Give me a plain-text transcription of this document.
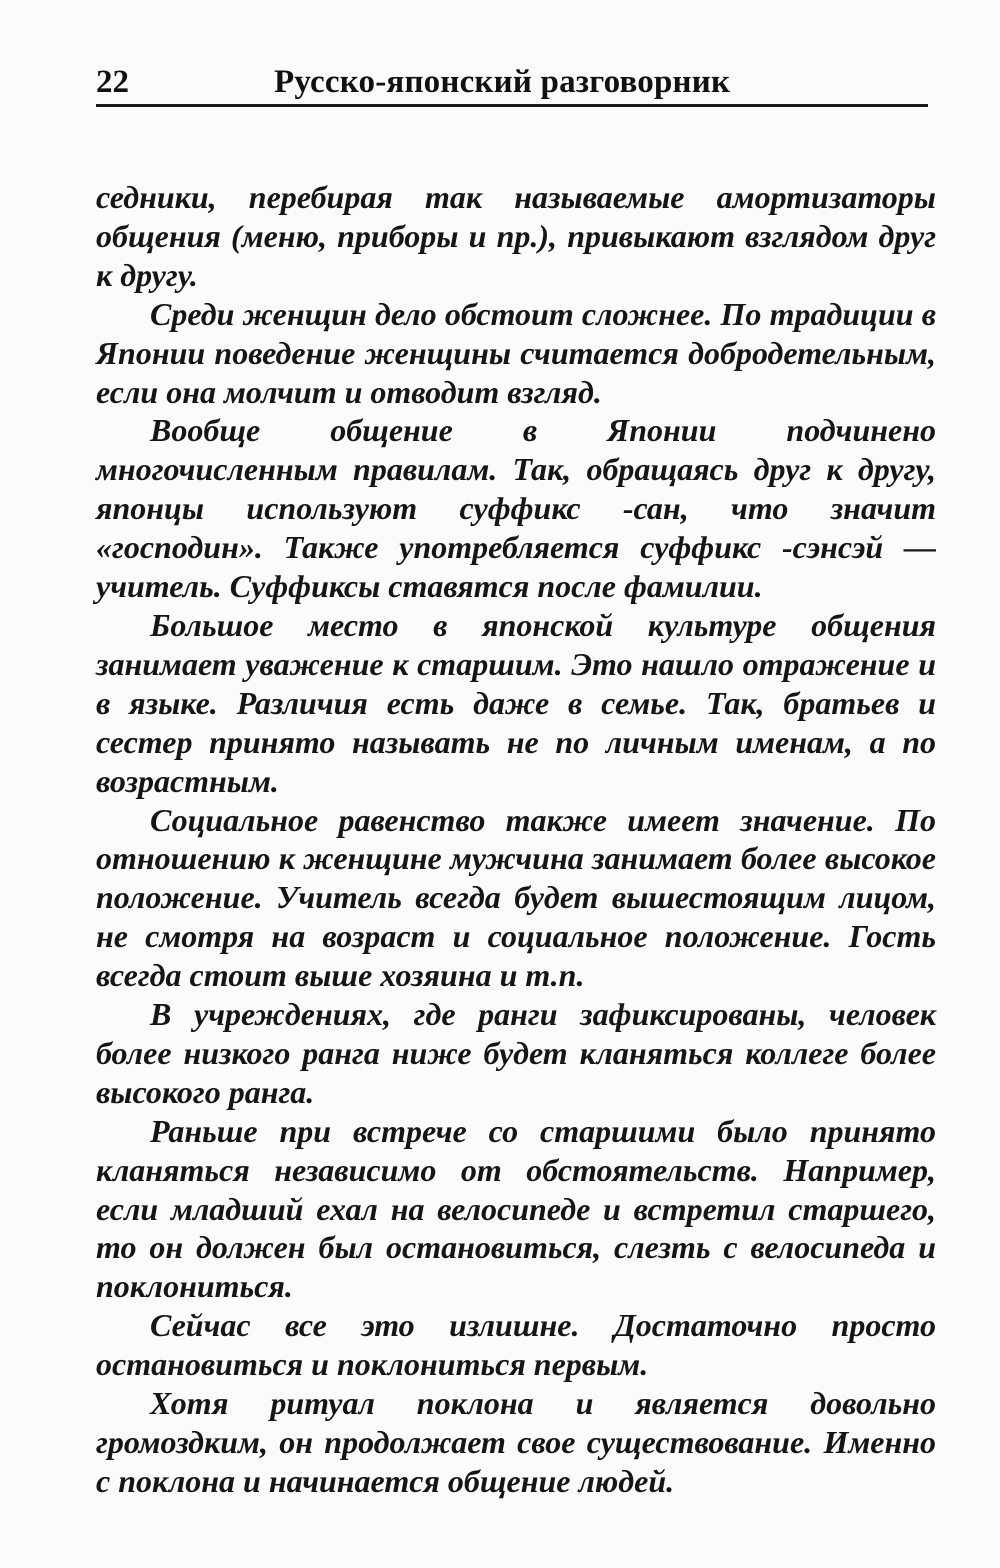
22	Русско-японский разговорник

седники, перебирая так называемые амортизаторы общения (меню, приборы и пр.), привыкают взглядом друг к другу.

Среди женщин дело обстоит сложнее. По традиции в Японии поведение женщины считается добродетельным, если она молчит и отводит взгляд.

Вообще общение в Японии подчинено многочисленным правилам. Так, обращаясь друг к другу, японцы используют суффикс -сан, что значит «господин». Также употребляется суффикс -сэнсэй — учитель. Суффиксы ставятся после фамилии.

Большое место в японской культуре общения занимает уважение к старшим. Это нашло отражение и в языке. Различия есть даже в семье. Так, братьев и сестер принято называть не по личным именам, а по возрастным.

Социальное равенство также имеет значение. По отношению к женщине мужчина занимает более высокое положение. Учитель всегда будет вышестоящим лицом, не смотря на возраст и социальное положение. Гость всегда стоит выше хозяина и т.п.

В учреждениях, где ранги зафиксированы, человек более низкого ранга ниже будет кланяться коллеге более высокого ранга.

Раньше при встрече со старшими было принято кланяться независимо от обстоятельств. Например, если младший ехал на велосипеде и встретил старшего, то он должен был остановиться, слезть с велосипеда и поклониться.

Сейчас все это излишне. Достаточно просто остановиться и поклониться первым.

Хотя ритуал поклона и является довольно громоздким, он продолжает свое существование. Именно с поклона и начинается общение людей.
